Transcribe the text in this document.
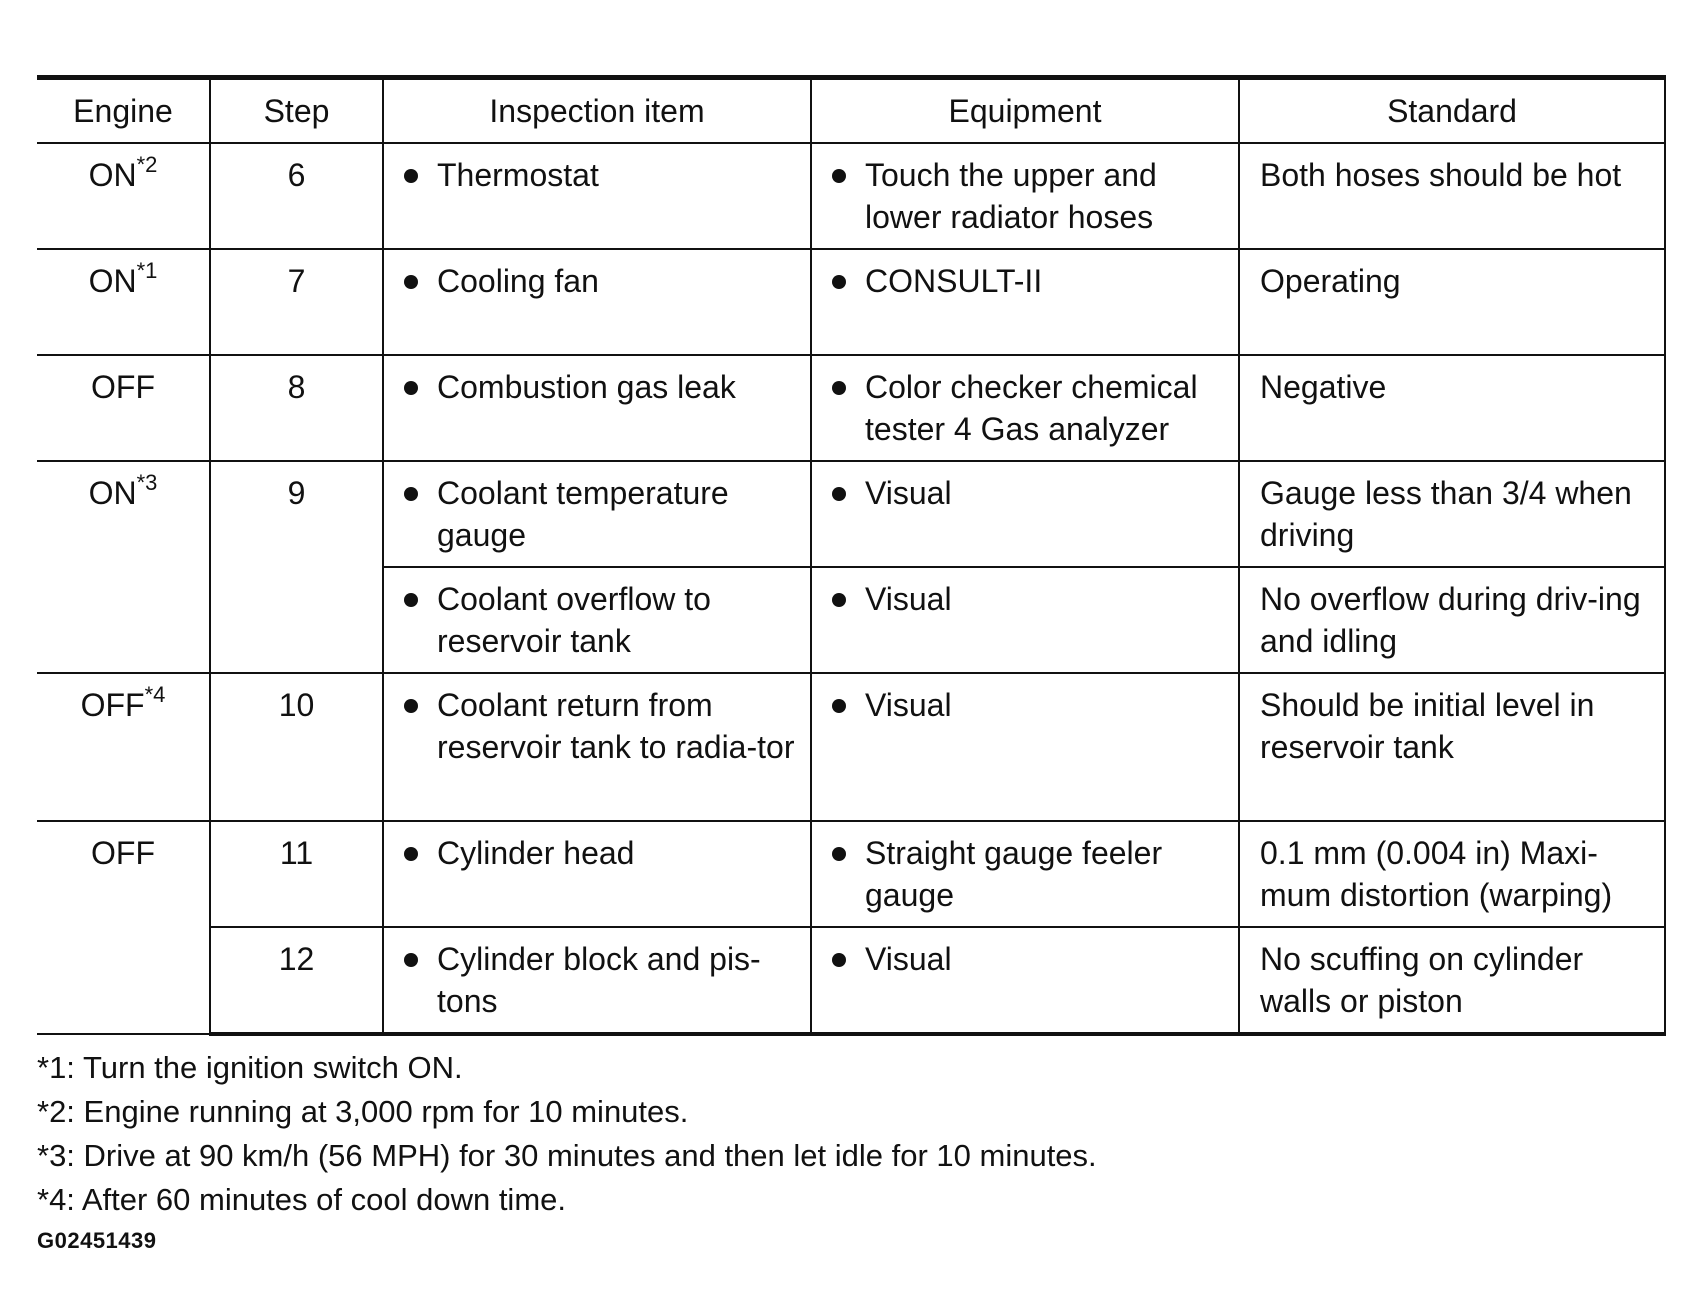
Engine	Step	Inspection item	Equipment	Standard
ON$^{*2}$	6	Thermostat	Touch the upper and lower radiator hoses	Both hoses should be hot
ON$^{*1}$	7	Cooling fan	CONSULT-II	Operating
OFF	8	Combustion gas leak	Color checker chemical tester 4 Gas analyzer	Negative
ON$^{*3}$	9	Coolant temperature gauge	Visual	Gauge less than 3/4 when driving

		Coolant overflow to reservoir tank	Visual	No overflow during driv-ing and idling
OFF$^{*4}$	10	Coolant return from reservoir tank to radia-tor	Visual	Should be initial level in reservoir tank
OFF	11	Cylinder head	Straight gauge feeler gauge	0.1 mm (0.004 in) Maxi-mum distortion (warping)
	12	Cylinder block and pis-tons	Visual	No scuffing on cylinder walls or piston
*1: Turn the ignition switch ON.
*2: Engine running at 3,000 rpm for 10 minutes.
*3: Drive at 90 km/h (56 MPH) for 30 minutes and then let idle for 10 minutes.
*4: After 60 minutes of cool down time.
G02451439
